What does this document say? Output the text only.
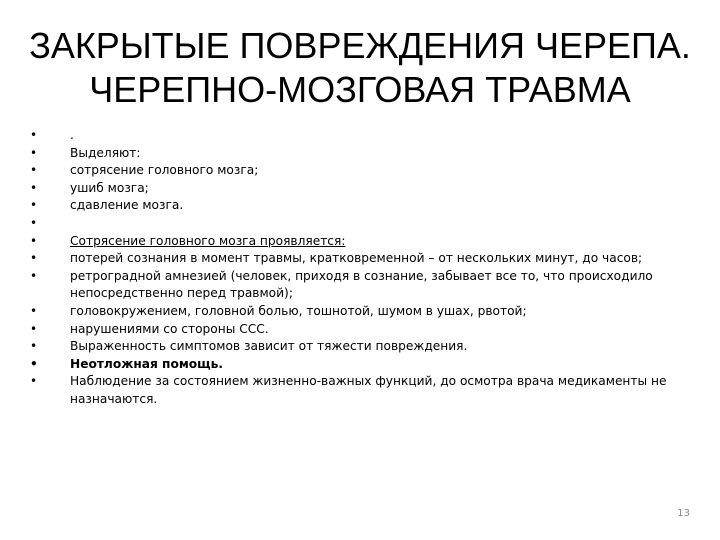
ЗАКРЫТЫЕ ПОВРЕЖДЕНИЯ ЧЕРЕПА.
ЧЕРЕПНО-МОЗГОВАЯ ТРАВМА
• .
• Выделяют:
• сотрясение головного мозга;
• ушиб мозга;
• сдавление мозга.
•
• Сотрясение головного мозга проявляется:
• потерей сознания в момент травмы, кратковременной – от нескольких минут, до часов;
• ретроградной амнезией (человек, приходя в сознание, забывает все то, что происходило непосредственно перед травмой);
• головокружением, головной болью, тошнотой, шумом в ушах, рвотой;
• нарушениями со стороны ССС.
• Выраженность симптомов зависит от тяжести повреждения.
• Неотложная помощь.
• Наблюдение за состоянием жизненно-важных функций, до осмотра врача медикаменты не назначаются.
13
